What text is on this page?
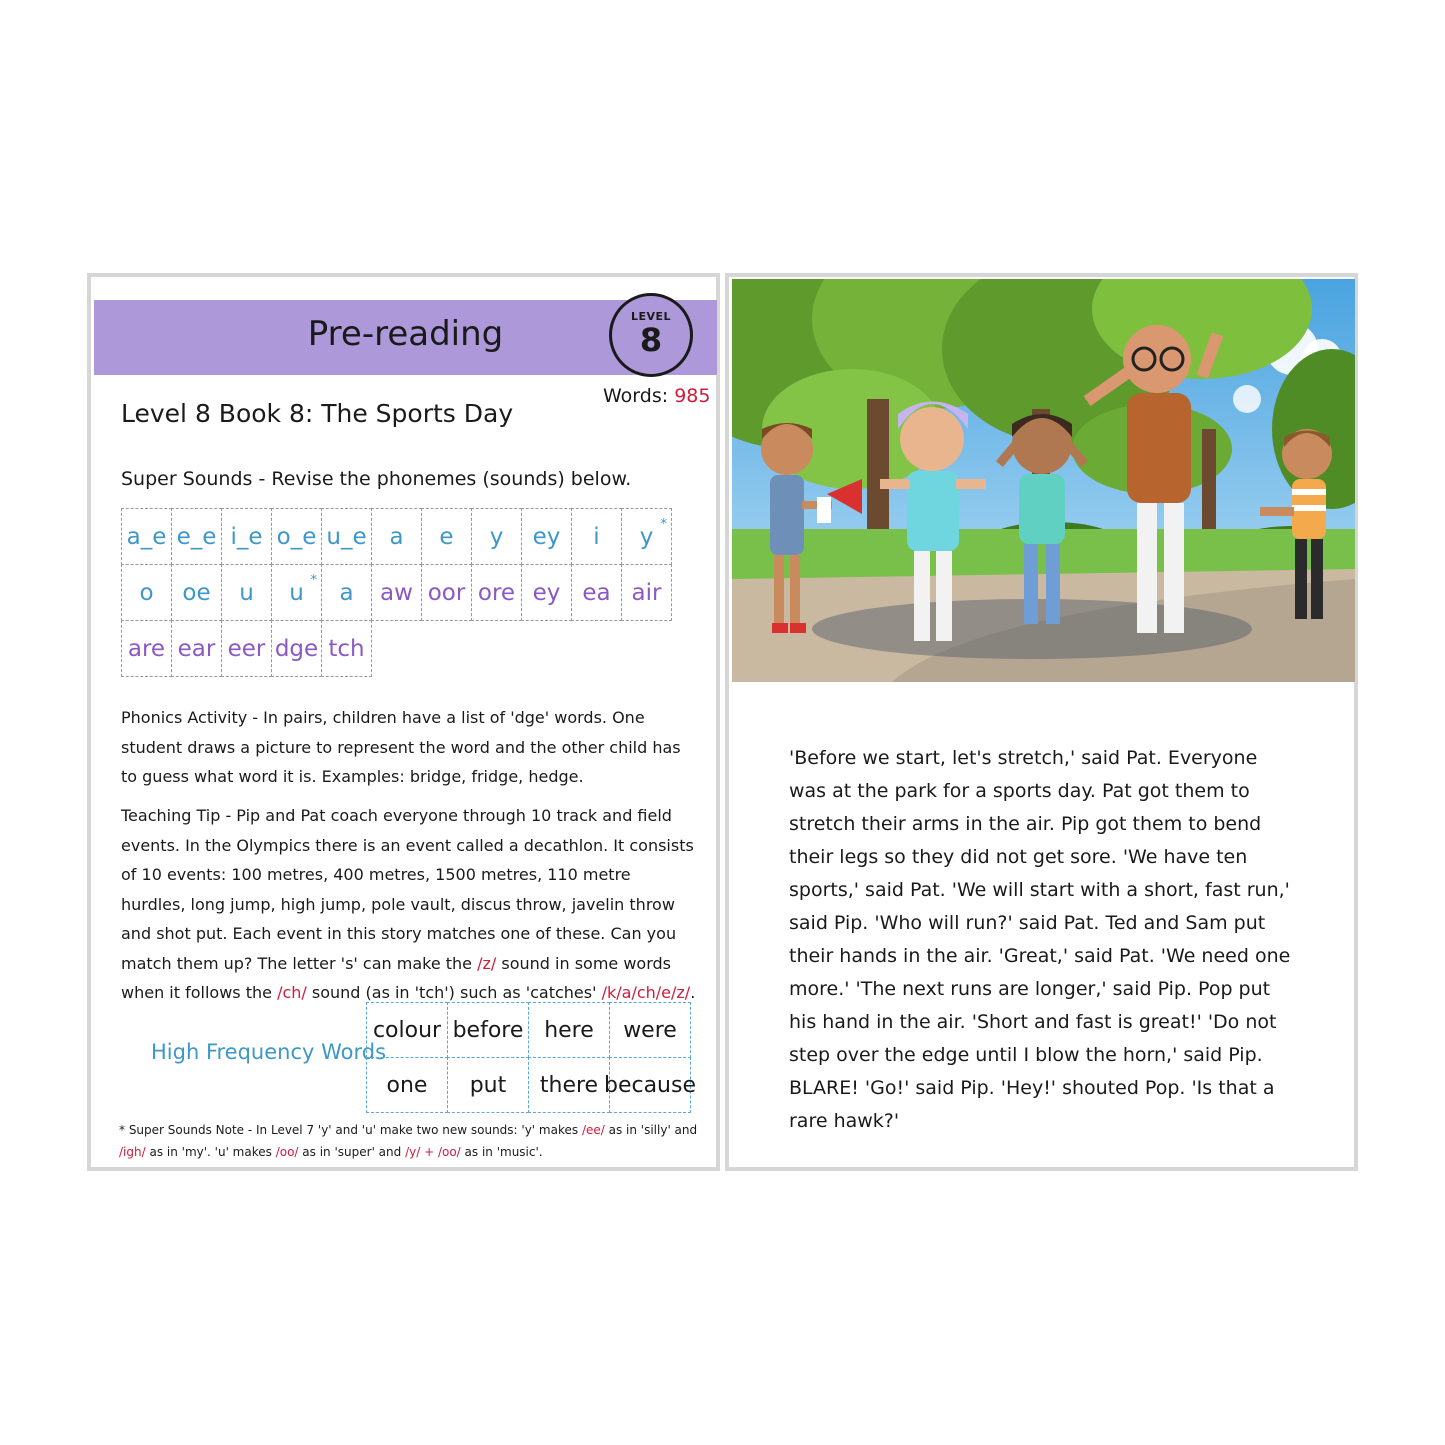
Pre-reading	LEVEL
8
Words: 985
Level 8 Book 8: The Sports Day
Super Sounds - Revise the phonemes (sounds) below.
a_e e_e i_e o_e u_e a e y ey i y *
o oe u u * a aw oor ore ey ea air
are ear eer dge tch
Phonics Activity - In pairs, children have a list of 'dge' words. One student draws a picture to represent the word and the other child has to guess what word it is. Examples: bridge, fridge, hedge.
Teaching Tip - Pip and Pat coach everyone through 10 track and field events. In the Olympics there is an event called a decathlon. It consists of 10 events: 100 metres, 400 metres, 1500 metres, 110 metre hurdles, long jump, high jump, pole vault, discus throw, javelin throw and shot put. Each event in this story matches one of these. Can you match them up? The letter 's' can make the /z/ sound in some words when it follows the /ch/ sound (as in 'tch') such as 'catches' /k/a/ch/e/z/.
High Frequency Words
colour before here	were
one	put	there because
* Super Sounds Note - In Level 7 'y' and 'u' make two new sounds: 'y' makes /ee/ as in 'silly' and /igh/ as in 'my'. 'u' makes /oo/ as in 'super' and /y/ + /oo/ as in 'music'.
'Before we start, let's stretch,' said Pat. Everyone was at the park for a sports day. Pat got them to stretch their arms in the air. Pip got them to bend their legs so they did not get sore. 'We have ten sports,' said Pat. 'We will start with a short, fast run,' said Pip. 'Who will run?' said Pat. Ted and Sam put their hands in the air. 'Great,' said Pat. 'We need one more.' 'The next runs are longer,' said Pip. Pop put his hand in the air. 'Short and fast is great!' 'Do not step over the edge until I blow the horn,' said Pip. BLARE! 'Go!' said Pip. 'Hey!' shouted Pop. 'Is that a rare hawk?'
